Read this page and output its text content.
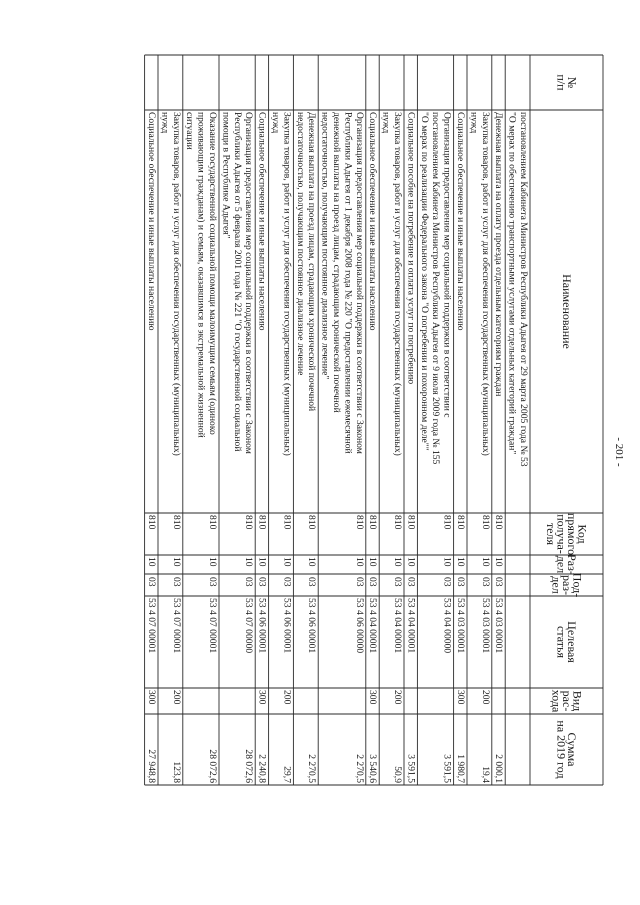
- 201 -
№п/п
Наименование
Кодпрямогополуча-теля
Раз-дел
Под-раз-дел
Целеваястатья
Видрас-хода
Суммана 2019 год
постановлением Кабинета Министров Республики Адыгея от 29 марта 2005 года № 53"О мерах по обеспечению транспортными услугами отдельных категорий граждан"
Денежная выплата на оплату проезда отдельным категориям граждан
810
10
03
53 4 03 00001
2 000,1
Закупка товаров, работ и услуг для обеспечения государственных (муниципальных)нужд
810
10
03
53 4 03 00001
200
19,4
Социальное обеспечение и иные выплаты населению
810
10
03
53 4 03 00001
300
1 980,7
Организация предоставления мер социальной поддержки в соответствии спостановлением Кабинета Министров Республики Адыгея от 9 июля 2009 года № 155"О мерах по реализации Федерального закона "О погребении и похоронном деле""
810
10
03
53 4 04 00000
3 591,5
Социальное пособие на погребение и оплата услуг по погребению
810
10
03
53 4 04 00001
3 591,5
Закупка товаров, работ и услуг для обеспечения государственных (муниципальных)нужд
810
10
03
53 4 04 00001
200
50,9
Социальное обеспечение и иные выплаты населению
810
10
03
53 4 04 00001
300
3 540,6
Организация предоставления мер социальной поддержки в соответствии с ЗакономРеспублики Адыгея от 1 декабря 2008 года № 220 "О предоставлении ежемесячнойденежной выплаты на проезд лицам, страдающим хронической почечнойнедостаточностью, получающим постоянное диализное лечение"
810
10
03
53 4 06 00000
2 270,5
Денежная выплата на проезд лицам, страдающим хронической почечнойнедостаточностью, получающим постоянное диализное лечение
810
10
03
53 4 06 00001
2 270,5
Закупка товаров, работ и услуг для обеспечения государственных (муниципальных)нужд
810
10
03
53 4 06 00001
200
29,7
Социальное обеспечение и иные выплаты населению
810
10
03
53 4 06 00001
300
2 240,8
Организация предоставления мер социальной поддержки в соответствии с ЗакономРеспублики Адыгея от 5 февраля 2001 года № 221 "О государственной социальнойпомощи в Республике Адыгея"
810
10
03
53 4 07 00000
28 072,6
Оказание государственной социальной помощи малоимущим семьям (одинокопроживающим гражданам) и семьям, оказавшимся в экстремальной жизненнойситуации
810
10
03
53 4 07 00001
28 072,6
Закупка товаров, работ и услуг для обеспечения государственных (муниципальных)нужд
810
10
03
53 4 07 00001
200
123,8
Социальное обеспечение и иные выплаты населению
810
10
03
53 4 07 00001
300
27 948,8
